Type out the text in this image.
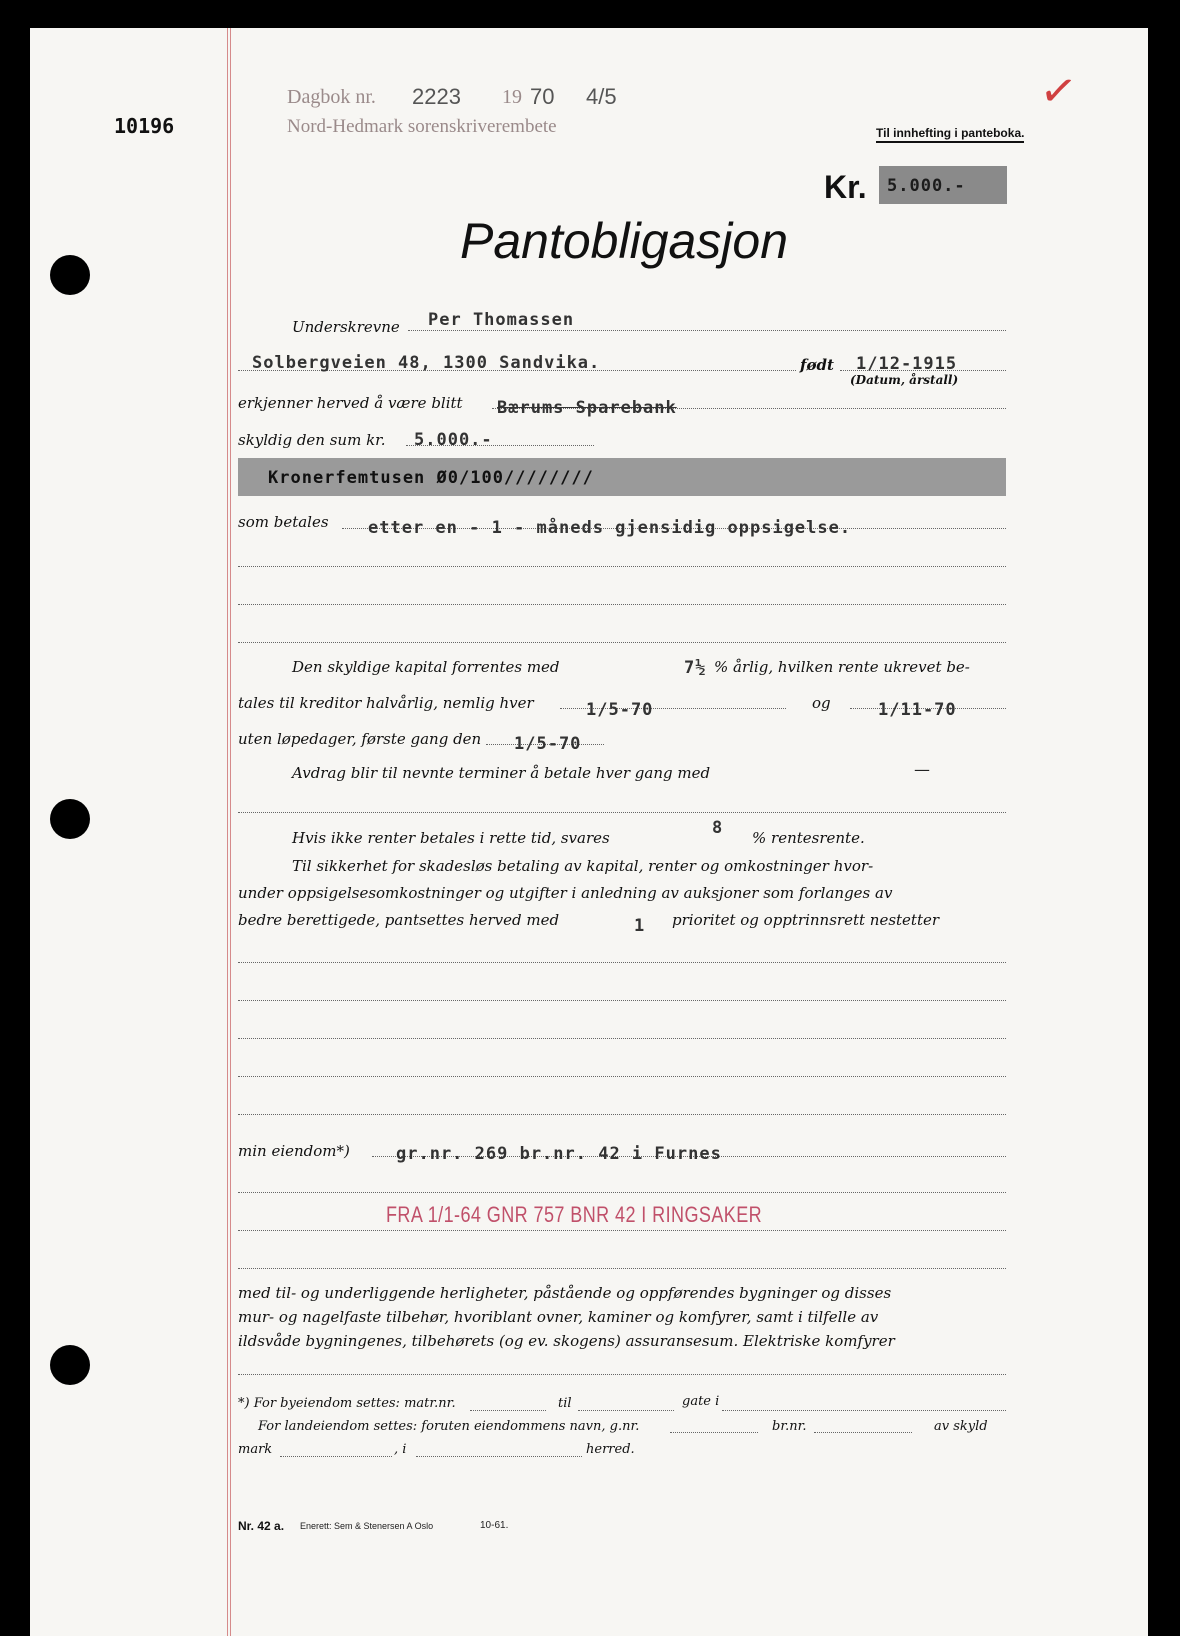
10196
Dagbok nr. 2223 19 70 4/5
Nord-Hedmark sorenskriverembete
✓
Til innhefting i panteboka.
Kr. 5.000.-
Pantobligasjon
Underskrevne Per Thomassen
Solbergveien 48, 1300 Sandvika.	født 1/12-1915
(Datum, årstall)
erkjenner herved å være blitt Bærums Sparebank
skyldig den sum kr. 5.000.-
Kronerfemtusen Ø0/100////////
som betales etter en - 1 - måneds gjensidig oppsigelse.
Den skyldige kapital forrentes med	7½ % årlig, hvilken rente ukrevet be-
tales til kreditor halvårlig, nemlig hver	1/5-70	og	1/11-70
uten løpedager, første gang den 1/5-70
Avdrag blir til nevnte terminer å betale hver gang med	—
Hvis ikke renter betales i rette tid, svares	8 % rentesrente.
Til sikkerhet for skadesløs betaling av kapital, renter og omkostninger hvor-
under oppsigelsesomkostninger og utgifter i anledning av auksjoner som forlanges av
bedre berettigede, pantsettes herved med	1 prioritet og opptrinnsrett nestetter
min eiendom*)	gr.nr. 269 br.nr. 42 i Furnes
FRA 1/1-64 GNR 757 BNR 42 I RINGSAKER
med til- og underliggende herligheter, påstående og oppførendes bygninger og disses
mur- og nagelfaste tilbehør, hvoriblant ovner, kaminer og komfyrer, samt i tilfelle av
ildsvåde bygningenes, tilbehørets (og ev. skogens) assuransesum. Elektriske komfyrer
*) For byeiendom settes: matr.nr.	til	gate i
For landeiendom settes: foruten eiendommens navn, g.nr.	br.nr.	av skyld
mark	, i	herred.
Nr. 42 a. Enerett: Sem & Stenersen A Oslo	10-61.
